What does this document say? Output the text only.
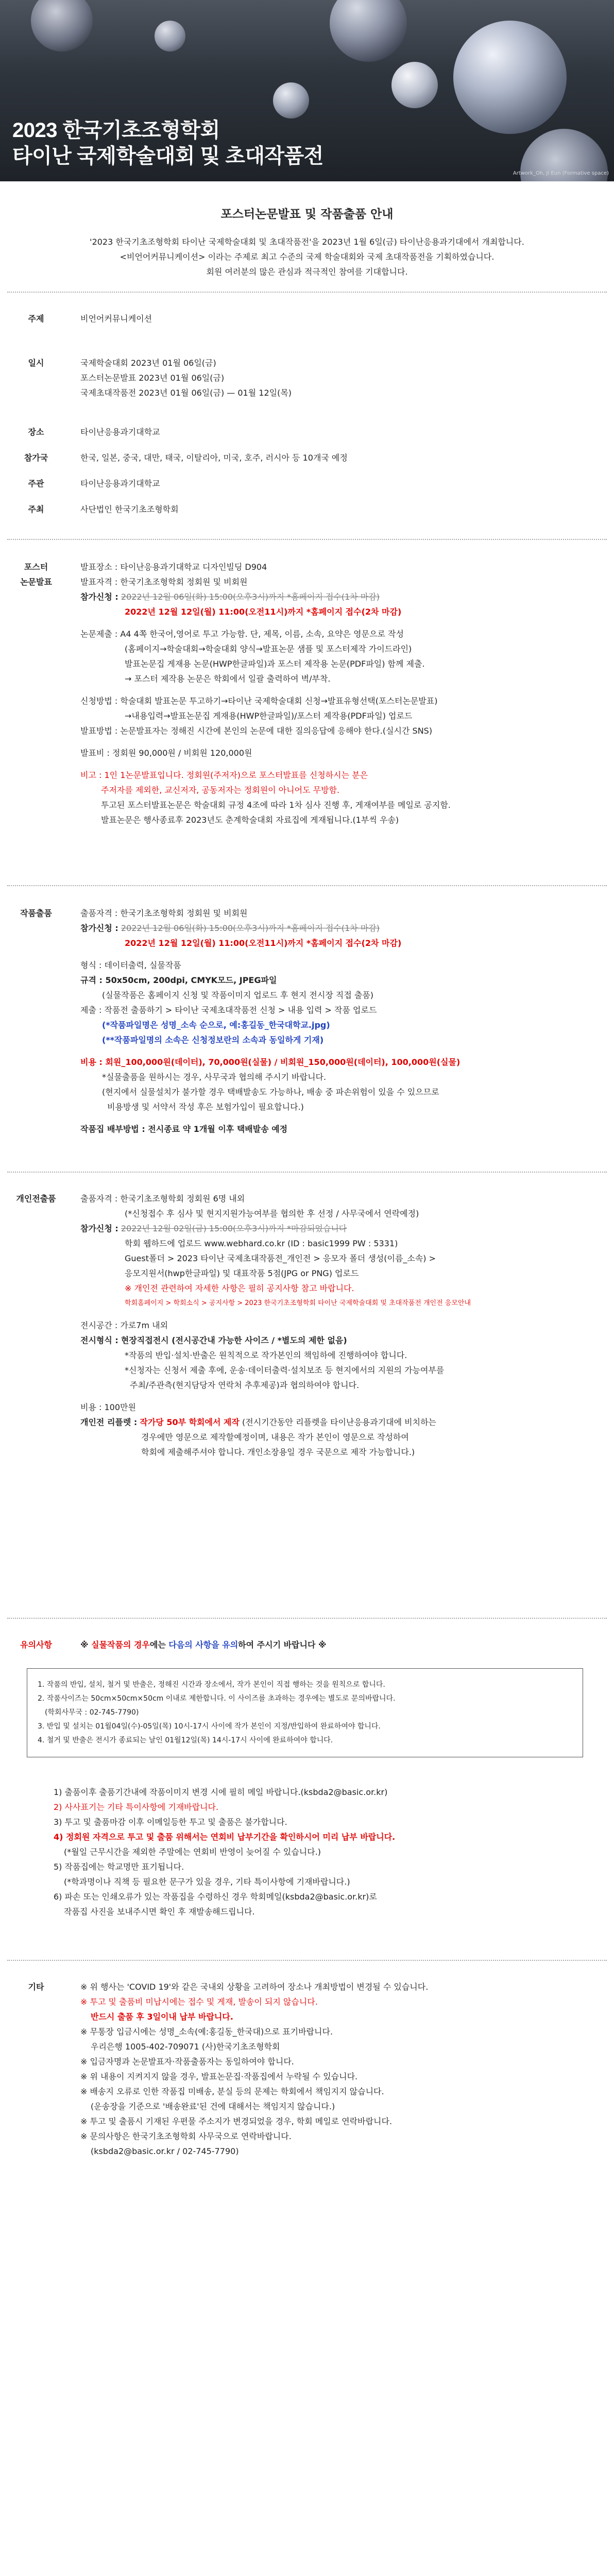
2023 한국기초조형학회
타이난 국제학술대회 및 초대작품전
Artwork_Oh, Ji Eun (Formative space)
포스터논문발표 및 작품출품 안내
'2023 한국기초조형학회 타이난 국제학술대회 및 초대작품전'을 2023년 1월 6일(금) 타이난응용과기대에서 개최합니다.
<비언어커뮤니케이션> 이라는 주제로 최고 수준의 국제 학술대회와 국제 초대작품전을 기획하였습니다.
회원 여러분의 많은 관심과 적극적인 참여를 기대합니다.
주제	비언어커뮤니케이션
일시	국제학술대회 2023년 01월 06일(금)
포스터논문발표 2023년 01월 06일(금)
국제초대작품전 2023년 01월 06일(금) — 01월 12일(목)
장소	타이난응용과기대학교
참가국	한국, 일본, 중국, 대만, 태국, 이탈리아, 미국, 호주, 러시아 등 10개국 예정
주관	타이난응용과기대학교
주최	사단법인 한국기초조형학회
포스터
논문발표
발표장소 : 타이난응용과기대학교 디자인빌딩 D904
발표자격 : 한국기초조형학회 정회원 및 비회원
참가신청 : 2022년 12월 06일(화) 15:00(오후3시)까지 *홈페이지 접수(1차 마감)
2022년 12월 12일(월) 11:00(오전11시)까지 *홈페이지 접수(2차 마감)
논문제출 : A4 4쪽 한국어,영어로 투고 가능함. 단, 제목, 이름, 소속, 요약은 영문으로 작성
(홈페이지→학술대회→학술대회 양식→발표논문 샘플 및 포스터제작 가이드라인)
발표논문집 게재용 논문(HWP한글파일)과 포스터 제작용 논문(PDF파일) 함께 제출.
→ 포스터 제작용 논문은 학회에서 일괄 출력하여 벽/부착.
신청방법 : 학술대회 발표논문 투고하기→타이난 국제학술대회 신청→발표유형선택(포스터논문발표)
→내용입력→발표논문집 게재용(HWP한글파일)/포스터 제작용(PDF파일) 업로드
발표방법 : 논문발표자는 정해진 시간에 본인의 논문에 대한 질의응답에 응해야 한다.(실시간 SNS)
발표비 : 정회원 90,000원 / 비회원 120,000원
비고 : 1인 1논문발표입니다. 정회원(주저자)으로 포스터발표를 신청하시는 분은
주저자를 제외한, 교신저자, 공동저자는 정회원이 아니어도 무방함.
투고된 포스터발표논문은 학술대회 규정 4조에 따라 1차 심사 진행 후, 게재여부를 메일로 공지함.
발표논문은 행사종료후 2023년도 춘계학술대회 자료집에 게재됩니다.(1부씩 우송)
작품출품	출품자격 : 한국기초조형학회 정회원 및 비회원
참가신청 : 2022년 12월 06일(화) 15:00(오후3시)까지 *홈페이지 접수(1차 마감)
2022년 12월 12일(월) 11:00(오전11시)까지 *홈페이지 접수(2차 마감)
형식 : 데이터출력, 실물작품
규격 : 50x50cm, 200dpi, CMYK모드, JPEG파일
(실물작품은 홈페이지 신청 및 작품이미지 업로드 후 현지 전시장 직접 출품)
제출 : 작품전 출품하기 > 타이난 국제초대작품전 신청 > 내용 입력 > 작품 업로드
(*작품파일명은 성명_소속 순으로, 예:홍길동_한국대학교.jpg)
(**작품파일명의 소속은 신청정보란의 소속과 동일하게 기재)
비용 : 회원_100,000원(데이터), 70,000원(실물) / 비회원_150,000원(데이터), 100,000원(실물)
*실물출품을 원하시는 경우, 사무국과 협의해 주시기 바랍니다.
(현지에서 실물설치가 불가할 경우 택배발송도 가능하나, 배송 중 파손위험이 있을 수 있으므로
비용방생 및 서약서 작성 후은 보험가입이 필요합니다.)
작품집 배부방법 : 전시종료 약 1개월 이후 택배발송 예정
개인전출품	출품자격 : 한국기초조형학회 정회원 6명 내외
(*신청접수 후 심사 및 현지지원가능여부를 협의한 후 선정 / 사무국에서 연락예정)
참가신청 : 2022년 12월 02일(금) 15:00(오후3시)까지 *마감되었습니다
학회 웹하드에 업로드 www.webhard.co.kr (ID : basic1999 PW : 5331)
Guest폴더 > 2023 타이난 국제초대작품전_개인전 > 응모자 폴더 생성(이름_소속) >
응모지원서(hwp한글파일) 및 대표작품 5점(JPG or PNG) 업로드
※ 개인전 관련하여 자세한 사항은 필히 공지사항 참고 바랍니다.
학회홈페이지 > 학회소식 > 공지사항 > 2023 한국기초조형학회 타이난 국제학술대회 및 초대작품전 개인전 응모안내
전시공간 : 가로7m 내외
전시형식 : 현장직접전시 (전시공간내 가능한 사이즈 / *별도의 제한 없음)
*작품의 반입·설치·반출은 원칙적으로 작가본인의 책임하에 진행하여야 합니다.
*신청자는 신청서 제출 후에, 운송·데이터출력·설치보조 등 현지에서의 지원의 가능여부를
주최/주관측(현지담당자 연락처 추후제공)과 협의하여야 합니다.
비용 : 100만원
개인전 리플렛 : 작가당 50부 학회에서 제작 (전시기간동안 리플렛을 타이난응용과기대에 비치하는
경우에만 영문으로 제작할예정이며, 내용은 작가 본인이 영문으로 작성하여
학회에 제출해주셔야 합니다. 개인소장용일 경우 국문으로 제작 가능합니다.)
유의사항	※ 실물작품의 경우에는 다음의 사항을 유의하여 주시기 바랍니다 ※
1. 작품의 반입, 설치, 철거 및 반출은, 정해진 시간과 장소에서, 작가 본인이 직접 행하는 것을 원칙으로 합니다.
2. 작품사이즈는 50cm×50cm×50cm 이내로 제한합니다. 이 사이즈를 초과하는 경우에는 별도로 문의바랍니다.
(학회사무국 : 02-745-7790)
3. 반입 및 설치는 01월04일(수)-05일(목) 10시-17시 사이에 작가 본인이 지정/반입하여 완료하여야 합니다.
4. 철거 및 반출은 전시가 종료되는 날인 01월12일(목) 14시-17시 사이에 완료하여야 합니다.
1) 출품이후 출품기간내에 작품이미지 변경 시에 필히 메일 바랍니다.(ksbda2@basic.or.kr)
2) 사사표기는 기타 특이사항에 기재바랍니다.
3) 투고 및 출품마감 이후 이메일등한 투고 및 출품은 불가합니다.
4) 정회원 자격으로 투고 및 출품 위해서는 연회비 납부기간을 확인하시어 미리 납부 바랍니다.
(*월일 근무시간을 제외한 주말에는 연회비 반영이 늦어질 수 있습니다.)
5) 작품집에는 학교명만 표기됩니다.
(*학과명이나 직책 등 필요한 문구가 있을 경우, 기타 특이사항에 기재바랍니다.)
6) 파손 또는 인쇄오류가 있는 작품집을 수령하신 경우 학회메일(ksbda2@basic.or.kr)로
작품집 사진을 보내주시면 확인 후 재발송해드립니다.
기타	※ 위 행사는 'COVID 19'와 같은 국내외 상황을 고려하여 장소나 개최방법이 변경될 수 있습니다.
※ 투고 및 출품비 미납시에는 접수 및 게재, 발송이 되지 않습니다.
반드시 출품 후 3일이내 납부 바랍니다.
※ 무통장 입금시에는 성명_소속(예:홍길동_한국대)으로 표기바랍니다.
우리은행 1005-402-709071 (사)한국기초조형학회
※ 입금자명과 논문발표자·작품출품자는 동일하여야 합니다.
※ 위 내용이 지켜지지 않을 경우, 발표논문집·작품집에서 누락될 수 있습니다.
※ 배송지 오류로 인한 작품집 미배송, 분실 등의 문제는 학회에서 책임지지 않습니다.
(운송장을 기준으로 '배송완료'된 건에 대해서는 책임지지 않습니다.)
※ 투고 및 출품시 기재된 우편물 주소지가 변경되었을 경우, 학회 메일로 연락바랍니다.
※ 문의사항은 한국기초조형학회 사무국으로 연락바랍니다.
(ksbda2@basic.or.kr / 02-745-7790)
